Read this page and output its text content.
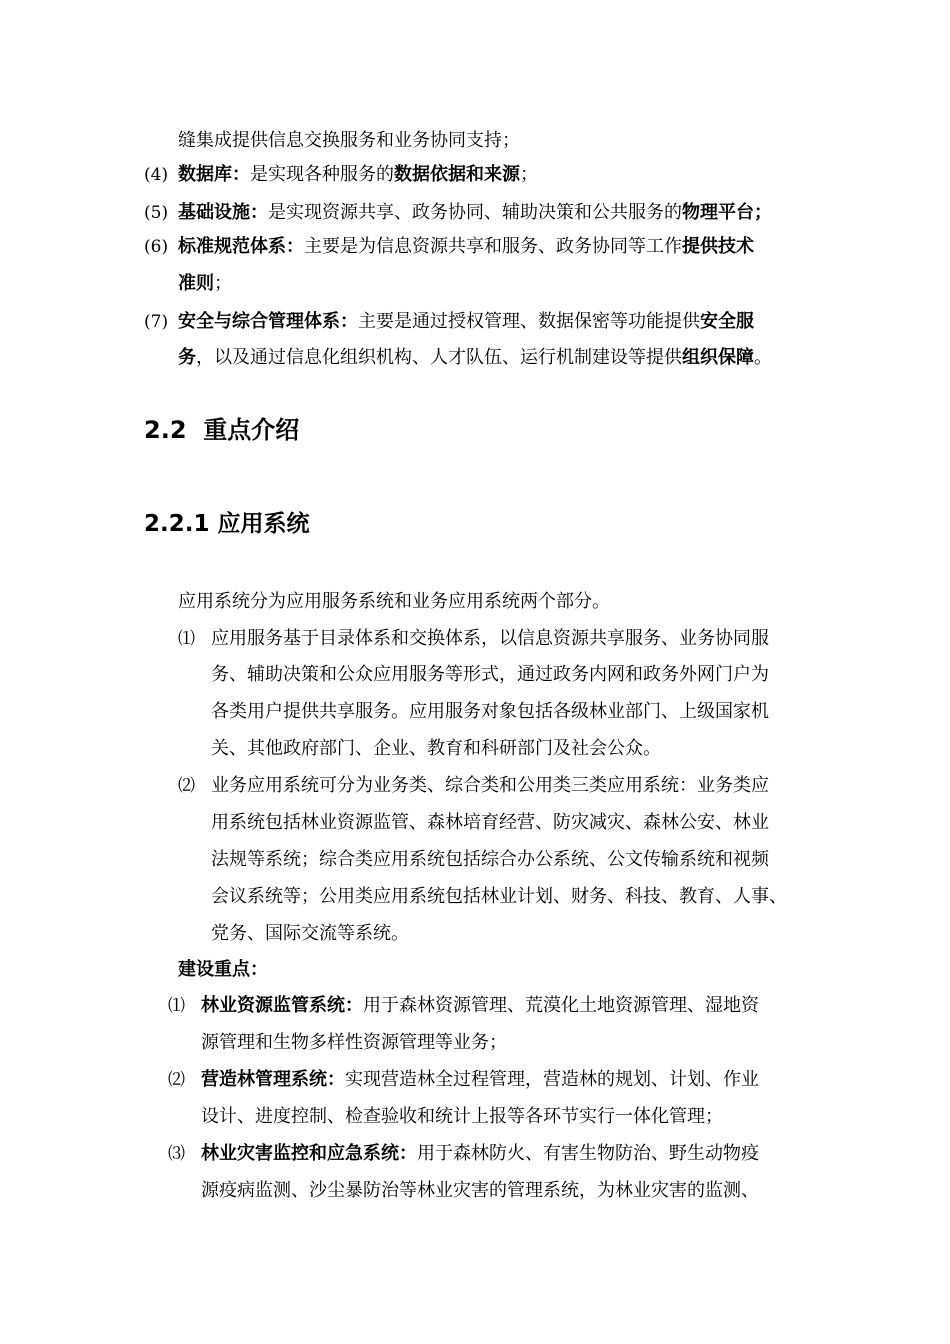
缝集成提供信息交换服务和业务协同支持；
(4) 数据库：是实现各种服务的数据依据和来源；
(5) 基础设施：是实现资源共享、政务协同、辅助决策和公共服务的物理平台；
(6) 标准规范体系：主要是为信息资源共享和服务、政务协同等工作提供技术
准则；
(7) 安全与综合管理体系：主要是通过授权管理、数据保密等功能提供安全服
务，以及通过信息化组织机构、人才队伍、运行机制建设等提供组织保障。
2.2 重点介绍
2.2.1 应用系统
应用系统分为应用服务系统和业务应用系统两个部分。
⑴ 应用服务基于目录体系和交换体系，以信息资源共享服务、业务协同服
务、辅助决策和公众应用服务等形式，通过政务内网和政务外网门户为
各类用户提供共享服务。应用服务对象包括各级林业部门、上级国家机
关、其他政府部门、企业、教育和科研部门及社会公众。
⑵ 业务应用系统可分为业务类、综合类和公用类三类应用系统：业务类应
用系统包括林业资源监管、森林培育经营、防灾减灾、森林公安、林业
法规等系统；综合类应用系统包括综合办公系统、公文传输系统和视频
会议系统等；公用类应用系统包括林业计划、财务、科技、教育、人事、
党务、国际交流等系统。
建设重点：
⑴ 林业资源监管系统：用于森林资源管理、荒漠化土地资源管理、湿地资
源管理和生物多样性资源管理等业务；
⑵ 营造林管理系统：实现营造林全过程管理，营造林的规划、计划、作业
设计、进度控制、检查验收和统计上报等各环节实行一体化管理；
⑶ 林业灾害监控和应急系统：用于森林防火、有害生物防治、野生动物疫
源疫病监测、沙尘暴防治等林业灾害的管理系统，为林业灾害的监测、
